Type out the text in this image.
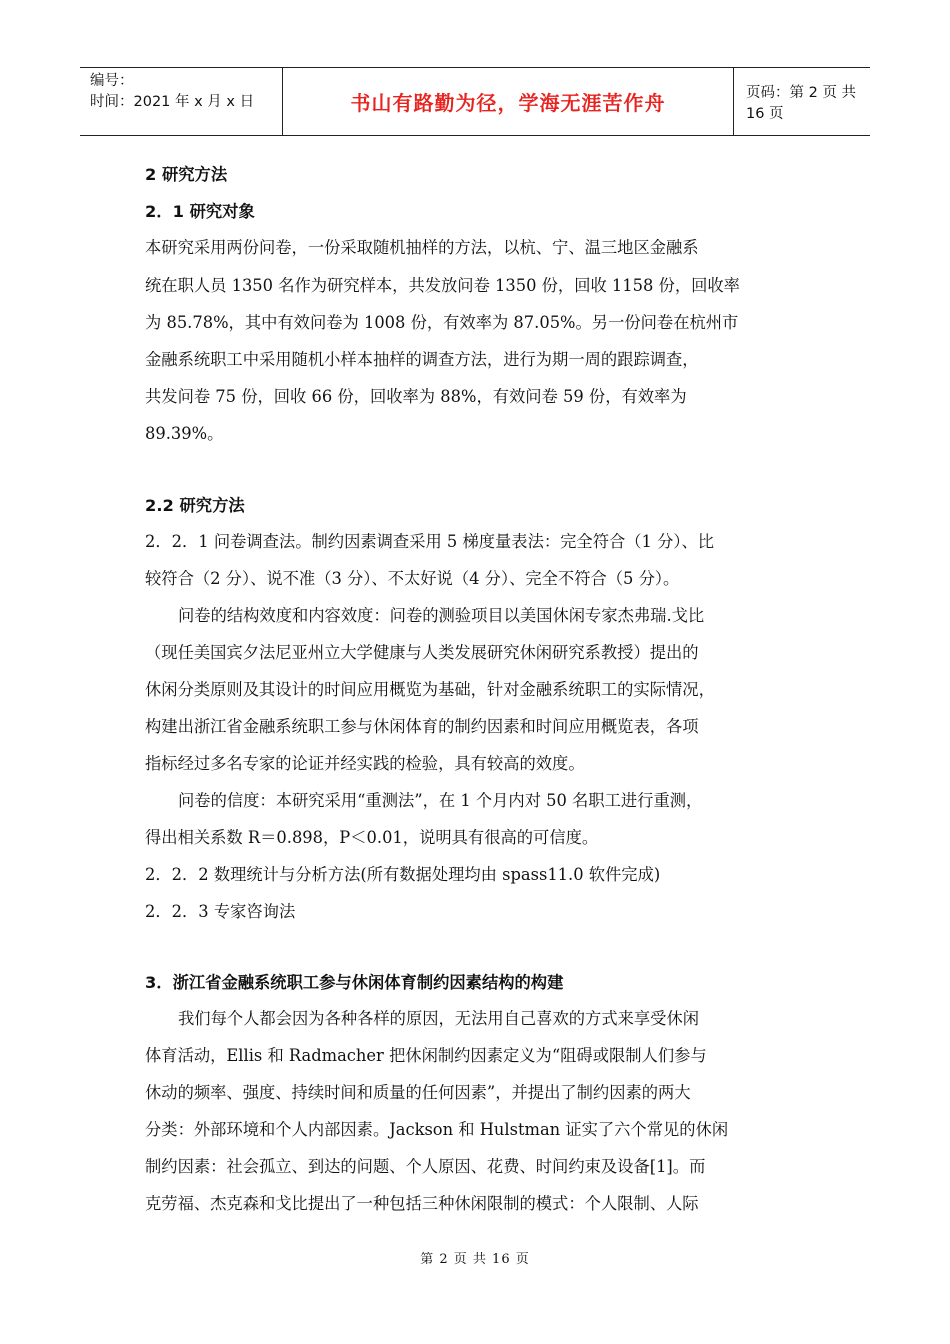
编号：
时间：2021 年 x 月 x 日	书山有路勤为径，学海无涯苦作舟	页码：第 2 页 共 16 页
2 研究方法
2．1 研究对象
本研究采用两份问卷，一份采取随机抽样的方法，以杭、宁、温三地区金融系
统在职人员 1350 名作为研究样本，共发放问卷 1350 份，回收 1158 份，回收率
为 85.78%，其中有效问卷为 1008 份，有效率为 87.05%。另一份问卷在杭州市
金融系统职工中采用随机小样本抽样的调查方法，进行为期一周的跟踪调查，
共发问卷 75 份，回收 66 份，回收率为 88%，有效问卷 59 份，有效率为
89.39%。
2.2 研究方法
2．2．1 问卷调查法。制约因素调查采用 5 梯度量表法：完全符合（1 分）、比
较符合（2 分）、说不准（3 分）、不太好说（4 分）、完全不符合（5 分）。
问卷的结构效度和内容效度：问卷的测验项目以美国休闲专家杰弗瑞.戈比
（现任美国宾夕法尼亚州立大学健康与人类发展研究休闲研究系教授）提出的
休闲分类原则及其设计的时间应用概览为基础，针对金融系统职工的实际情况，
构建出浙江省金融系统职工参与休闲体育的制约因素和时间应用概览表，各项
指标经过多名专家的论证并经实践的检验，具有较高的效度。
问卷的信度：本研究采用“重测法”，在 1 个月内对 50 名职工进行重测，
得出相关系数 R＝0.898，P＜0.01，说明具有很高的可信度。
2．2．2 数理统计与分析方法(所有数据处理均由 spass11.0 软件完成)
2．2．3 专家咨询法
3．浙江省金融系统职工参与休闲体育制约因素结构的构建
我们每个人都会因为各种各样的原因，无法用自己喜欢的方式来享受休闲
体育活动，Ellis 和 Radmacher 把休闲制约因素定义为“阻碍或限制人们参与
休动的频率、强度、持续时间和质量的任何因素”，并提出了制约因素的两大
分类：外部环境和个人内部因素。Jackson 和 Hulstman 证实了六个常见的休闲
制约因素：社会孤立、到达的问题、个人原因、花费、时间约束及设备[1]。而
克劳福、杰克森和戈比提出了一种包括三种休闲限制的模式：个人限制、人际
第 2 页 共 16 页
